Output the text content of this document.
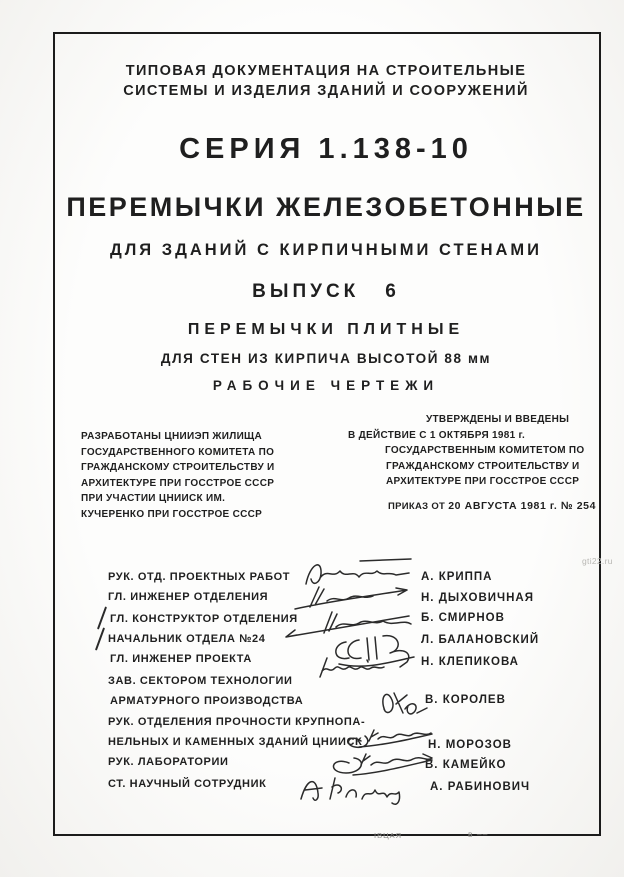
ТИПОВАЯ ДОКУМЕНТАЦИЯ НА СТРОИТЕЛЬНЫЕ
СИСТЕМЫ И ИЗДЕЛИЯ ЗДАНИЙ И СООРУЖЕНИЙ
СЕРИЯ 1.138-10
ПЕРЕМЫЧКИ ЖЕЛЕЗОБЕТОННЫЕ
ДЛЯ ЗДАНИЙ С КИРПИЧНЫМИ СТЕНАМИ
ВЫПУСК 6
ПЕРЕМЫЧКИ ПЛИТНЫЕ
ДЛЯ СТЕН ИЗ КИРПИЧА ВЫСОТОЙ 88 мм
РАБОЧИЕ ЧЕРТЕЖИ
РАЗРАБОТАНЫ ЦНИИЭП ЖИЛИЩА
ГОСУДАРСТВЕННОГО КОМИТЕТА ПО
ГРАЖДАНСКОМУ СТРОИТЕЛЬСТВУ И
АРХИТЕКТУРЕ ПРИ ГОССТРОЕ СССР
ПРИ УЧАСТИИ ЦНИИСК ИМ.
КУЧЕРЕНКО ПРИ ГОССТРОЕ СССР
УТВЕРЖДЕНЫ И ВВЕДЕНЫ
В ДЕЙСТВИЕ С 1 ОКТЯБРЯ 1981 г.
ГОСУДАРСТВЕННЫМ КОМИТЕТОМ ПО
ГРАЖДАНСКОМУ СТРОИТЕЛЬСТВУ И
АРХИТЕКТУРЕ ПРИ ГОССТРОЕ СССР
ПРИКАЗ ОТ 20 АВГУСТА 1981 г. № 254
РУК. ОТД. ПРОЕКТНЫХ РАБОТ
ГЛ. ИНЖЕНЕР ОТДЕЛЕНИЯ
ГЛ. КОНСТРУКТОР ОТДЕЛЕНИЯ
НАЧАЛЬНИК ОТДЕЛА №24
ГЛ. ИНЖЕНЕР ПРОЕКТА
ЗАВ. СЕКТОРОМ ТЕХНОЛОГИИ
АРМАТУРНОГО ПРОИЗВОДСТВА
РУК. ОТДЕЛЕНИЯ ПРОЧНОСТИ КРУПНОПА-
НЕЛЬНЫХ И КАМЕННЫХ ЗДАНИЙ ЦНИИСК
РУК. ЛАБОРАТОРИИ
СТ. НАУЧНЫЙ СОТРУДНИК
А. КРИППА
Н. ДЫХОВИЧНАЯ
Б. СМИРНОВ
Л. БАЛАНОВСКИЙ
Н. КЛЕПИКОВА
В. КОРОЛЕВ
Н. МОРОЗОВ
В. КАМЕЙКО
А. РАБИНОВИЧ
gti22.ru
ІВЦАЯ	в ‒‒
